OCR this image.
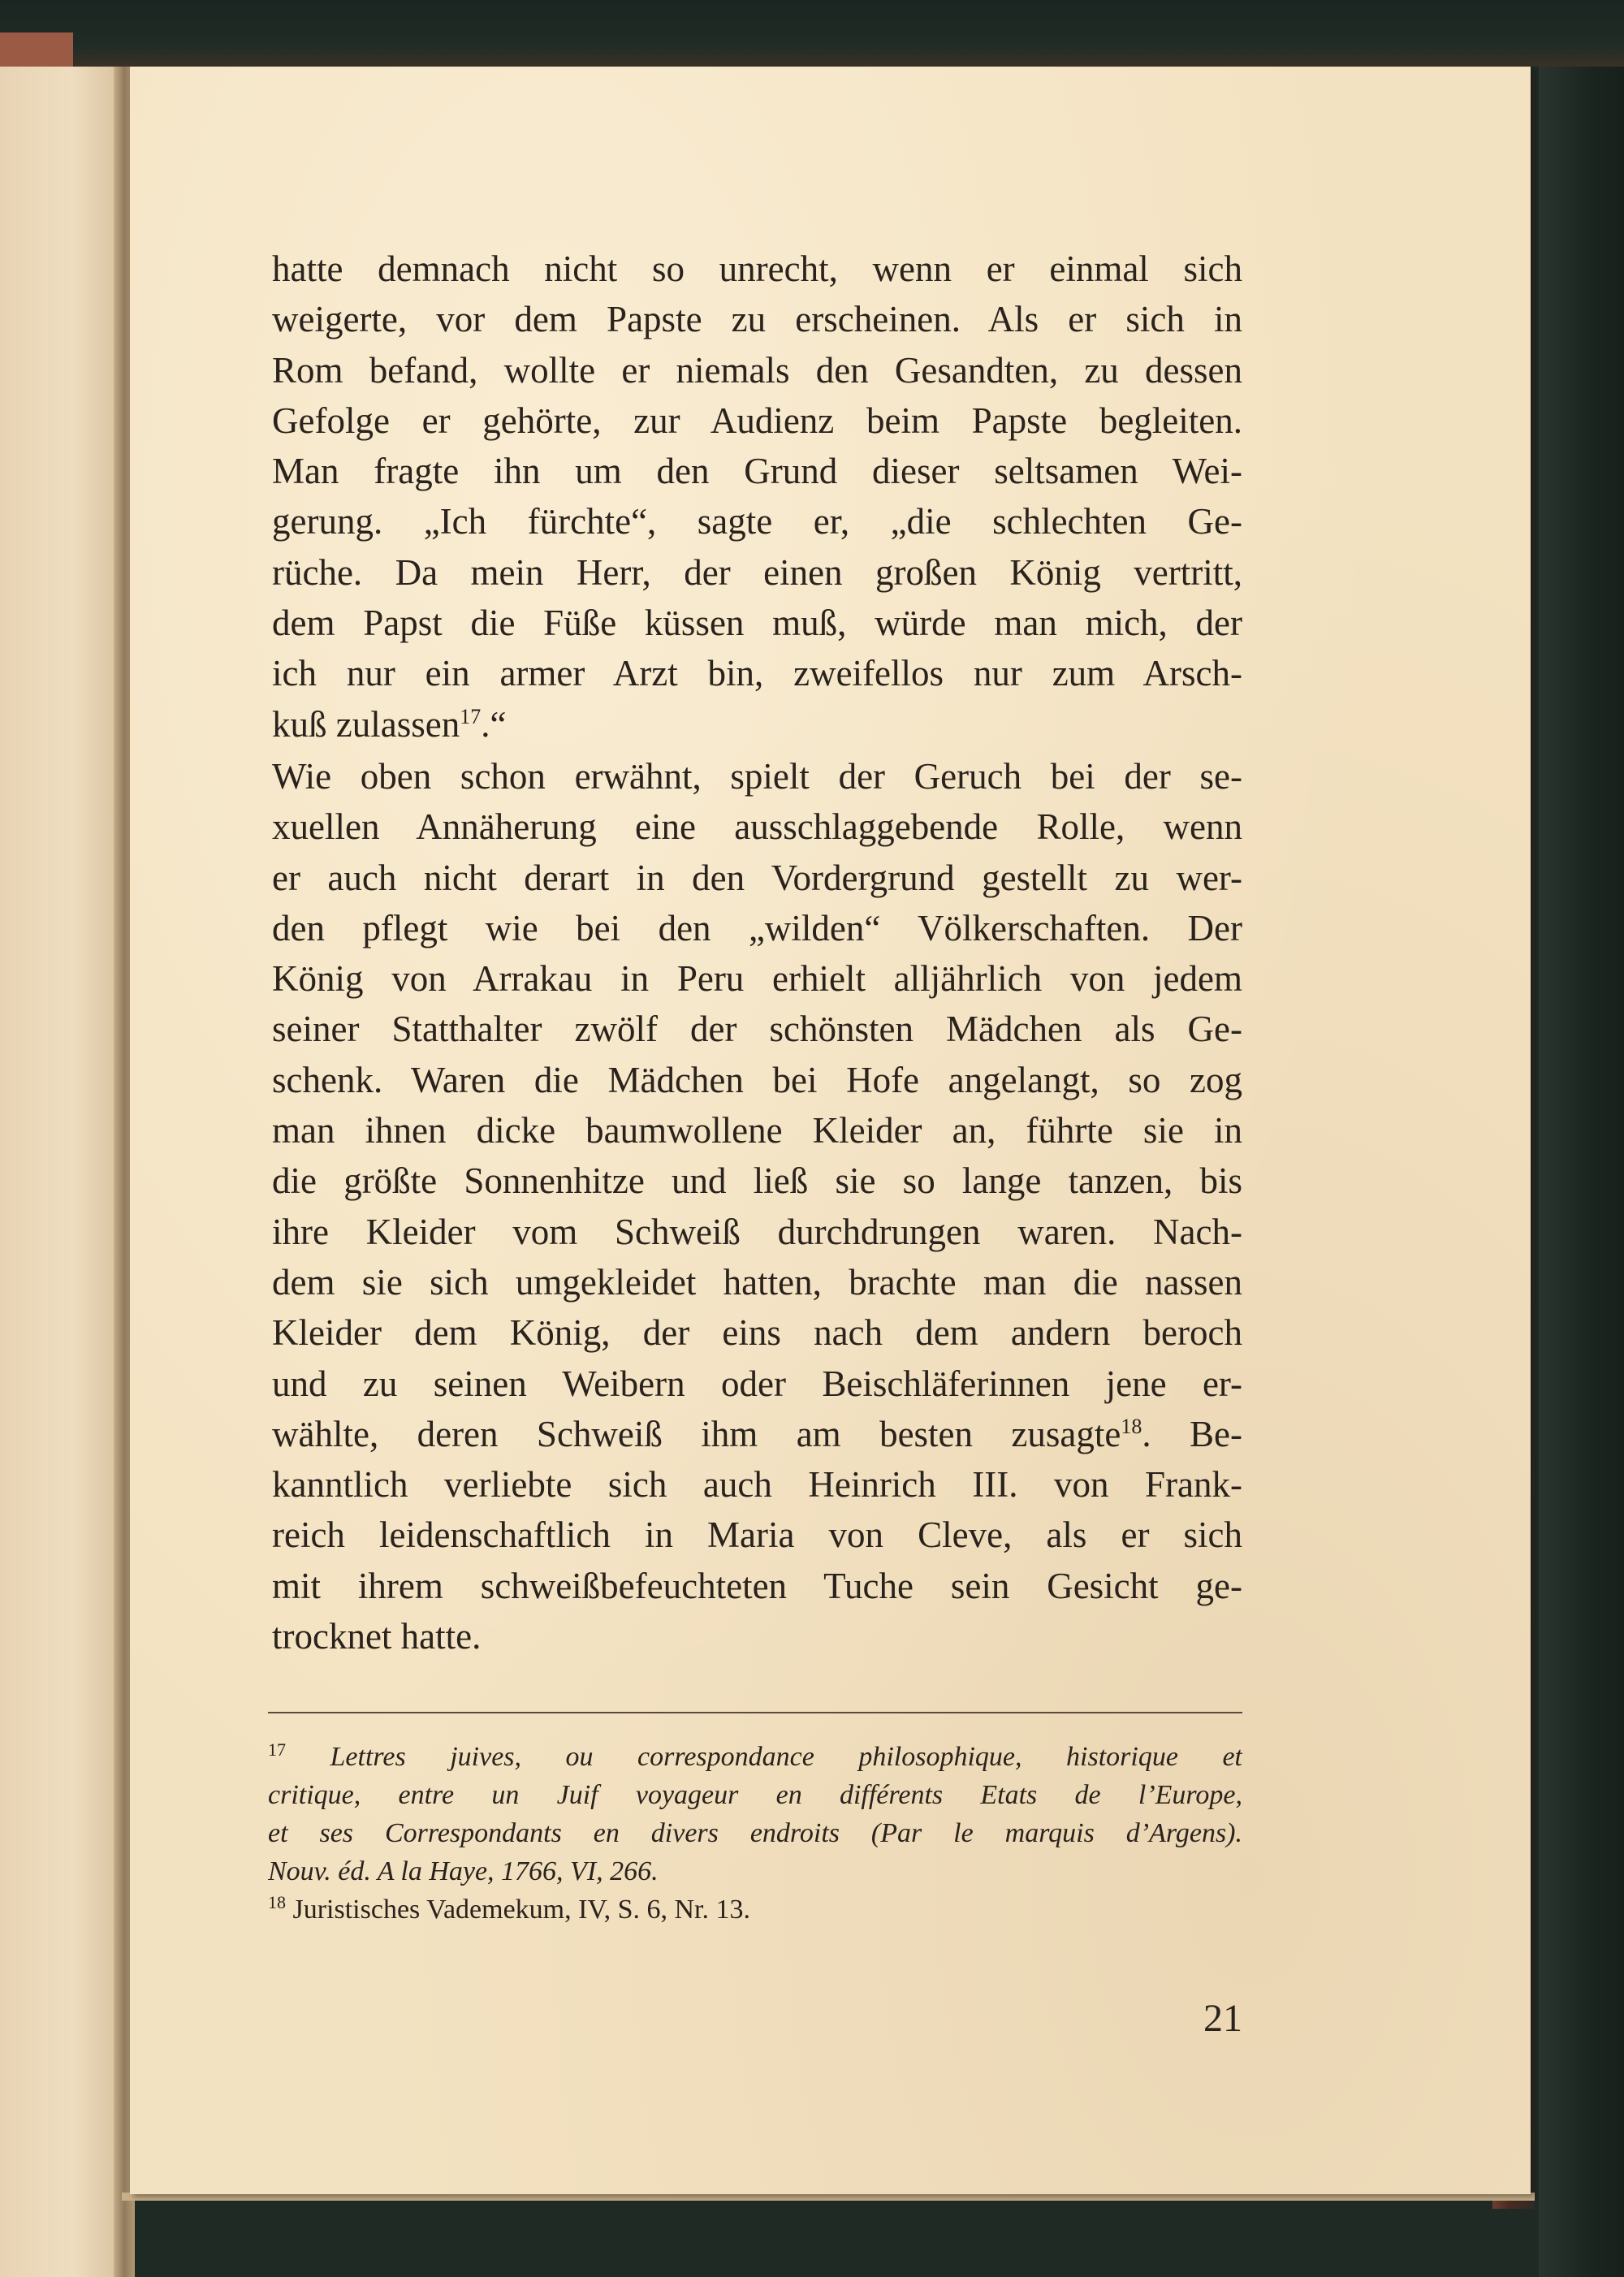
hatte demnach nicht so unrecht, wenn er einmal sich
weigerte, vor dem Papste zu erscheinen. Als er sich in
Rom befand, wollte er niemals den Gesandten, zu dessen
Gefolge er gehörte, zur Audienz beim Papste begleiten.
Man fragte ihn um den Grund dieser seltsamen Wei-
gerung. „Ich fürchte“, sagte er, „die schlechten Ge-
rüche. Da mein Herr, der einen großen König vertritt,
dem Papst die Füße küssen muß, würde man mich, der
ich nur ein armer Arzt bin, zweifellos nur zum Arsch-
kuß zulassen$^{17}$.“
Wie oben schon erwähnt, spielt der Geruch bei der se-
xuellen Annäherung eine ausschlaggebende Rolle, wenn
er auch nicht derart in den Vordergrund gestellt zu wer-
den pflegt wie bei den „wilden“ Völkerschaften. Der
König von Arrakau in Peru erhielt alljährlich von jedem
seiner Statthalter zwölf der schönsten Mädchen als Ge-
schenk. Waren die Mädchen bei Hofe angelangt, so zog
man ihnen dicke baumwollene Kleider an, führte sie in
die größte Sonnenhitze und ließ sie so lange tanzen, bis
ihre Kleider vom Schweiß durchdrungen waren. Nach-
dem sie sich umgekleidet hatten, brachte man die nassen
Kleider dem König, der eins nach dem andern beroch
und zu seinen Weibern oder Beischläferinnen jene er-
wählte, deren Schweiß ihm am besten zusagte$^{18}$. Be-
kanntlich verliebte sich auch Heinrich III. von Frank-
reich leidenschaftlich in Maria von Cleve, als er sich
mit ihrem schweißbefeuchteten Tuche sein Gesicht ge-
trocknet hatte.
$^{17}$ Lettres juives, ou correspondance philosophique, historique et
critique, entre un Juif voyageur en différents Etats de l’Europe,
et ses Correspondants en divers endroits (Par le marquis d’Argens).
Nouv. éd. A la Haye, 1766, VI, 266.
$^{18}$ Juristisches Vademekum, IV, S. 6, Nr. 13.
21
